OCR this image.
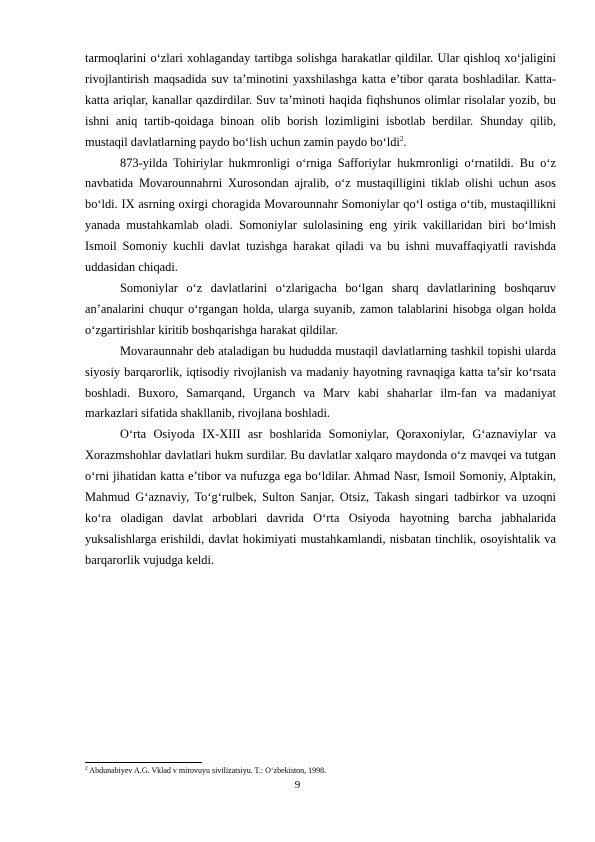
tarmoqlarini o‘zlari xohlaganday tartibga solishga harakatlar qildilar. Ular qishloq xo‘jaligini rivojlantirish maqsadida suv ta’minotini yaxshilashga katta e’tibor qarata boshladilar. Katta-katta ariqlar, kanallar qazdirdilar. Suv ta’minoti haqida fiqhshunos olimlar risolalar yozib, bu ishni aniq tartib-qoidaga binoan olib borish lozimligini isbotlab berdilar. Shunday qilib, mustaqil davlatlarning paydo bo‘lish uchun zamin paydo bo‘ldi$^2$.

873-yilda Tohiriylar hukmronligi o‘rniga Safforiylar hukmronligi o‘rnatildi. Bu o‘z navbatida Movarounnahrni Xurosondan ajralib, o‘z mustaqilligini tiklab olishi uchun asos bo‘ldi. IX asrning oxirgi choragida Movarounnahr Somoniylar qo‘l ostiga o‘tib, mustaqillikni yanada mustahkamlab oladi. Somoniylar sulolasining eng yirik vakillaridan biri bo‘lmish Ismoil Somoniy kuchli davlat tuzishga harakat qiladi va bu ishni muvaffaqiyatli ravishda uddasidan chiqadi.

Somoniylar o‘z davlatlarini o‘zlarigacha bo‘lgan sharq davlatlarining boshqaruv an’analarini chuqur o‘rgangan holda, ularga suyanib, zamon talablarini hisobga olgan holda o‘zgartirishlar kiritib boshqarishga harakat qildilar.

Movaraunnahr deb ataladigan bu hududda mustaqil davlatlarning tashkil topishi ularda siyosiy barqarorlik, iqtisodiy rivojlanish va madaniy hayotning ravnaqiga katta ta’sir ko‘rsata boshladi. Buxoro, Samarqand, Urganch va Marv kabi shaharlar ilm-fan va madaniyat markazlari sifatida shakllanib, rivojlana boshladi.

O‘rta Osiyoda IX-XIII asr boshlarida Somoniylar, Qoraxoniylar, G‘aznaviylar va Xorazmshohlar davlatlari hukm surdilar. Bu davlatlar xalqaro maydonda o‘z mavqei va tutgan o‘rni jihatidan katta e’tibor va nufuzga ega bo‘ldilar. Ahmad Nasr, Ismoil Somoniy, Alptakin, Mahmud G‘aznaviy, To‘g‘rulbek, Sulton Sanjar, Otsiz, Takash singari tadbirkor va uzoqni ko‘ra oladigan davlat arboblari davrida O‘rta Osiyoda hayotning barcha jabhalarida yuksalishlarga erishildi, davlat hokimiyati mustahkamlandi, nisbatan tinchlik, osoyishtalik va barqarorlik vujudga keldi.

$^2$ Abdunabiyev A.G. Vklad v mirovuyu sivilizatsiyu. T.: O‘zbekiston, 1998.
9
